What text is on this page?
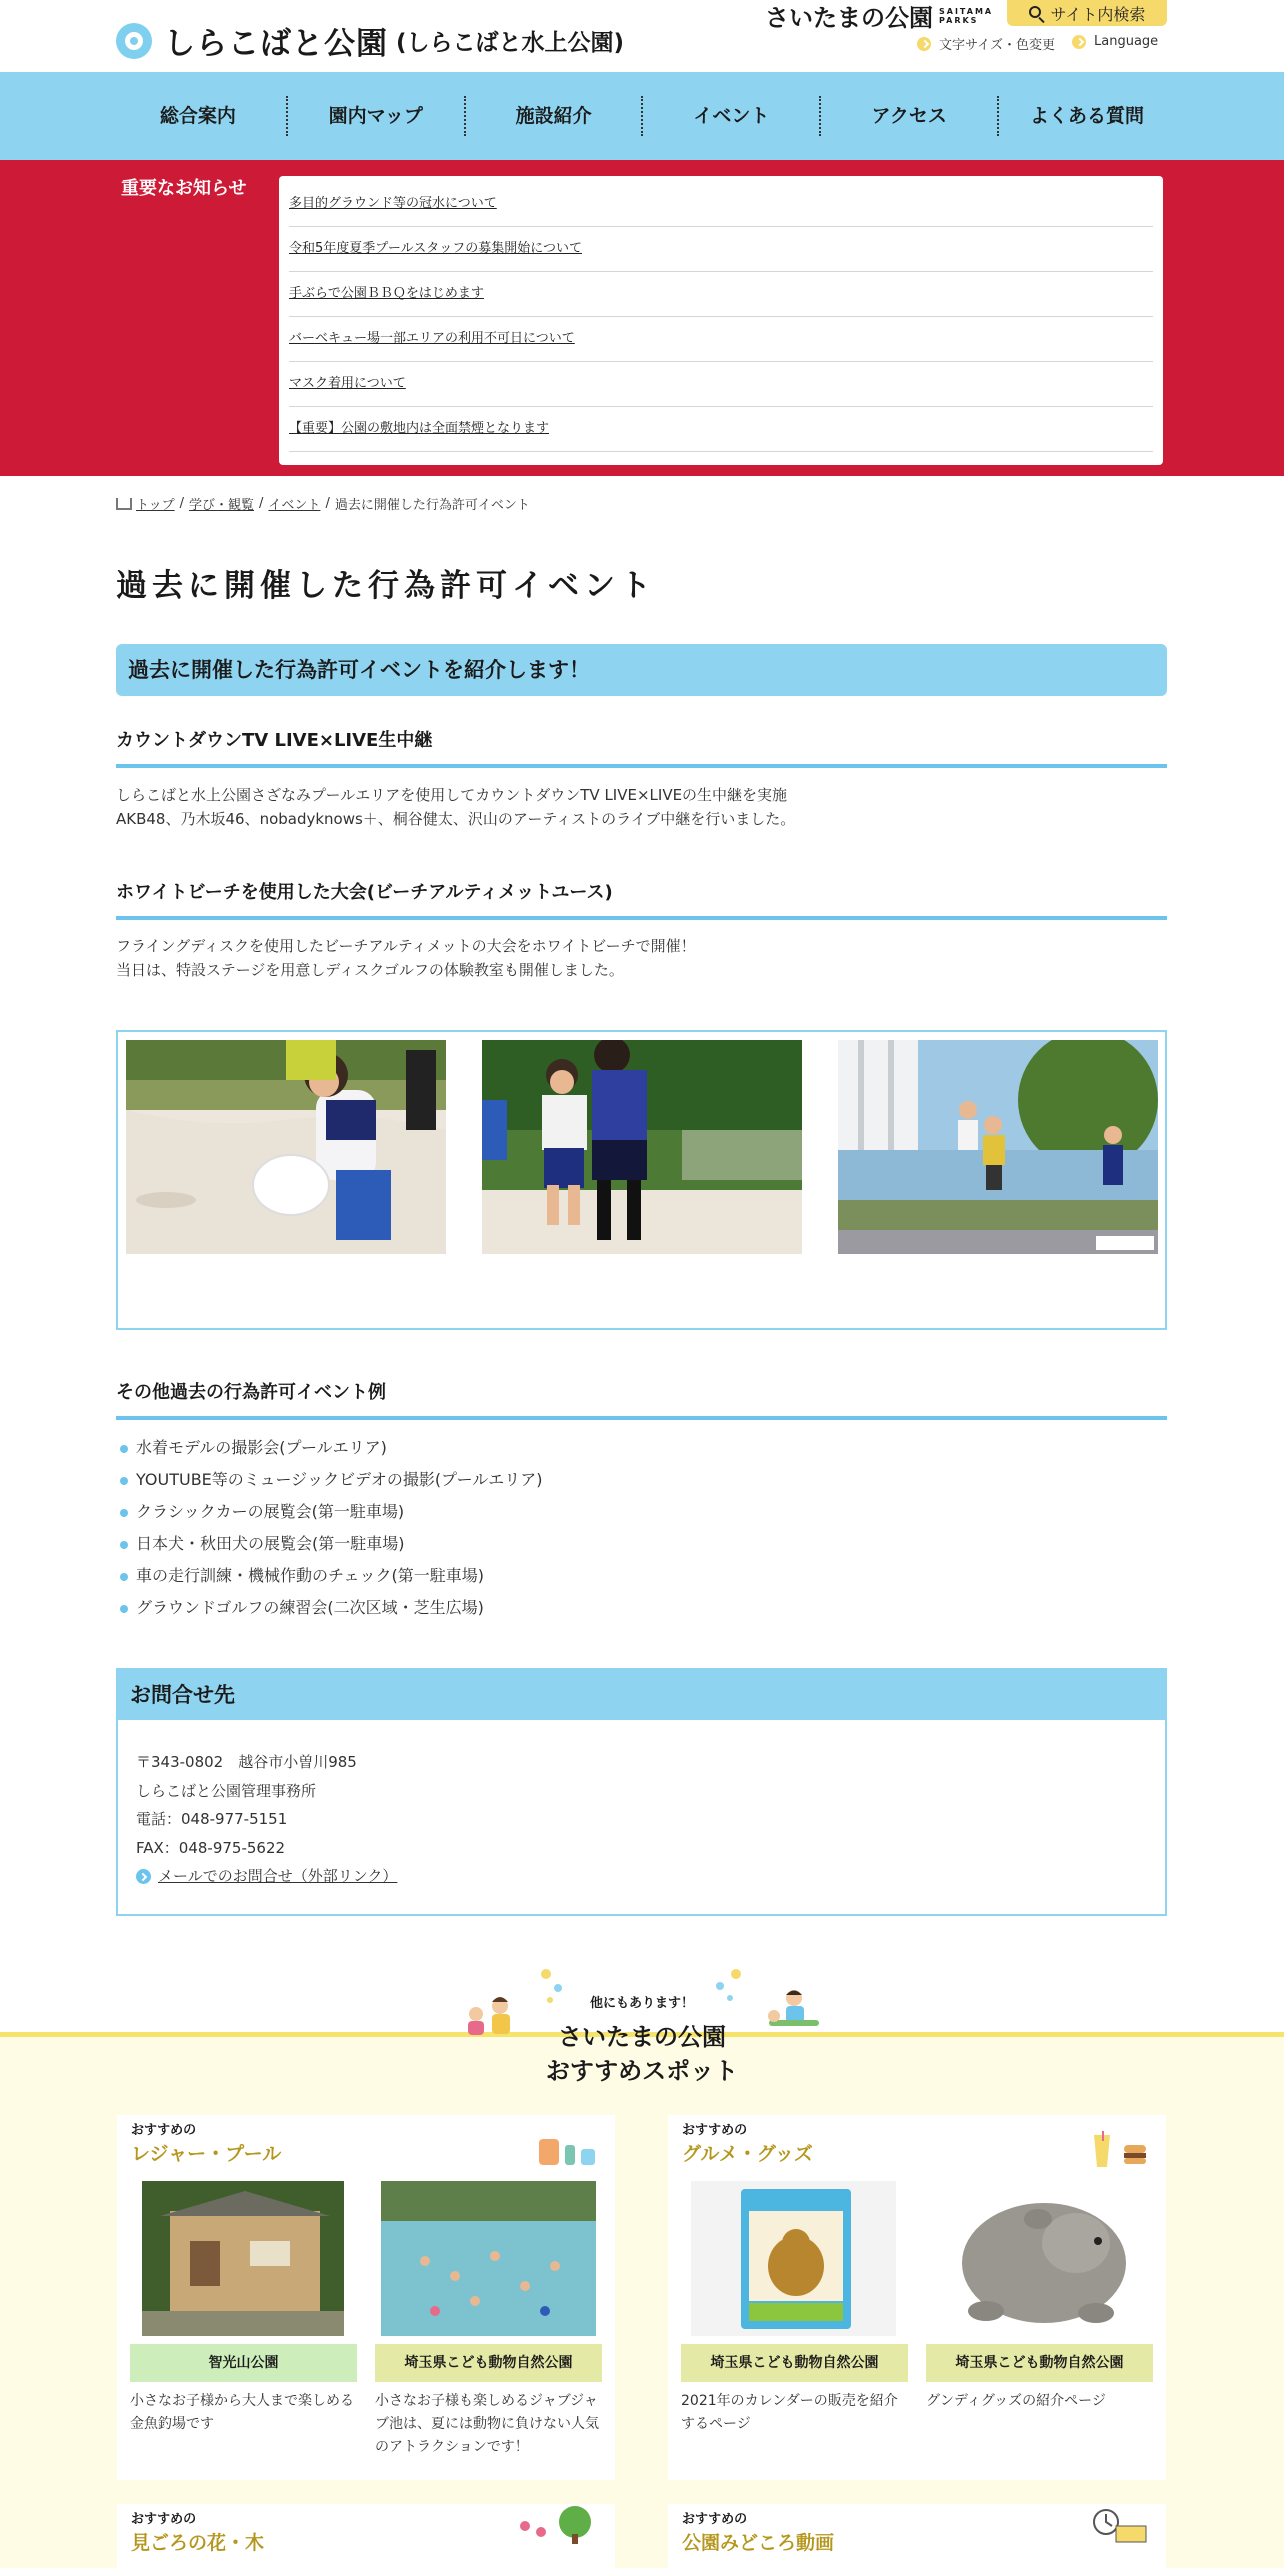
しらこばと公園 (しらこばと水上公園)
さいたまの公園 SAITAMA
PARKS	サイト内検索
文字サイズ・色変更	Language
総合案内	園内マップ	施設紹介	イベント	アクセス	よくある質問
重要なお知らせ
多目的グラウンド等の冠水について
令和5年度夏季プールスタッフの募集開始について
手ぶらで公園ＢＢＱをはじめます
バーベキュー場一部エリアの利用不可日について
マスク着用について
【重要】公園の敷地内は全面禁煙となります
トップ / 学び・観覧 / イベント / 過去に開催した行為許可イベント
過去に開催した行為許可イベント
過去に開催した行為許可イベントを紹介します！
カウントダウンTV LIVE×LIVE生中継
しらこばと水上公園さざなみプールエリアを使用してカウントダウンTV LIVE×LIVEの生中継を実施
AKB48、乃木坂46、nobadyknows＋、桐谷健太、沢山のアーティストのライブ中継を行いました。
ホワイトビーチを使用した大会(ビーチアルティメットユース)
フライングディスクを使用したビーチアルティメットの大会をホワイトビーチで開催！
当日は、特設ステージを用意しディスクゴルフの体験教室も開催しました。
その他過去の行為許可イベント例
水着モデルの撮影会(プールエリア)
YOUTUBE等のミュージックビデオの撮影(プールエリア)
クラシックカーの展覧会(第一駐車場)
日本犬・秋田犬の展覧会(第一駐車場)
車の走行訓練・機械作動のチェック(第一駐車場)
グラウンドゴルフの練習会(二次区域・芝生広場)
お問合せ先
〒343-0802　越谷市小曽川985
しらこばと公園管理事務所
電話：048-977-5151
FAX：048-975-5622
メールでのお問合せ（外部リンク）
他にもあります！
さいたまの公園
おすすめスポット
おすすめの
レジャー・プール
智光山公園
小さなお子様から大人まで楽しめる金魚釣場です
埼玉県こども動物自然公園
小さなお子様も楽しめるジャブジャブ池は、夏には動物に負けない人気のアトラクションです！
おすすめの
グルメ・グッズ
埼玉県こども動物自然公園
2021年のカレンダーの販売を紹介するページ
埼玉県こども動物自然公園
グンディグッズの紹介ページ
おすすめの
見ごろの花・木
おすすめの
公園みどころ動画
